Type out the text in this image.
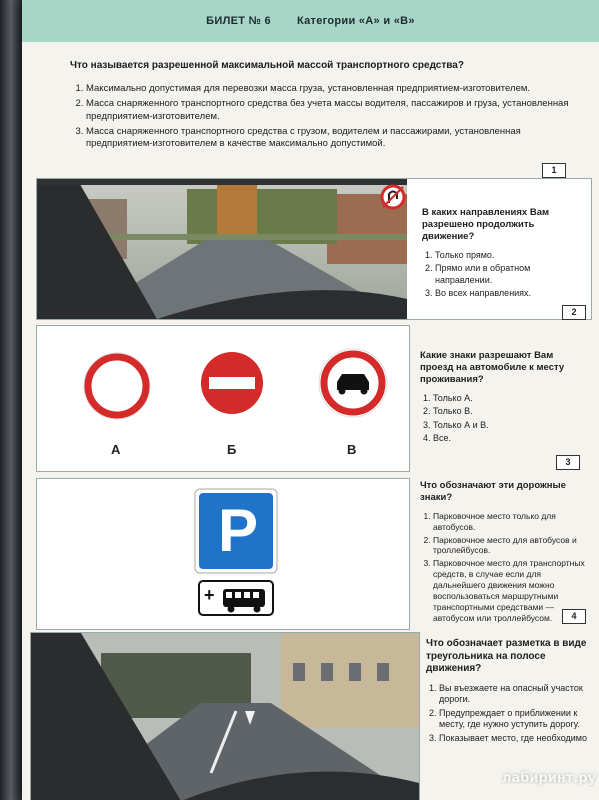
БИЛЕТ № 6 Категории «А» и «В»
Что называется разрешенной максимальной массой транспортного средства?
1. Максимально допустимая для перевозки масса груза, установленная предприятием-изготовителем.
2. Масса снаряженного транспортного средства без учета массы водителя, пассажиров и груза, установленная предприятием-изготовителем.
3. Масса снаряженного транспортного средства с грузом, водителем и пассажирами, установленная предприятием-изготовителем в качестве максимально допустимой.
1
В каких направлениях Вам разрешено продолжить движение?
1. Только прямо.
2. Прямо или в обратном направлении.
3. Во всех направлениях.
2
А	Б	В
Какие знаки разрешают Вам проезд на автомобиле к месту проживания?
1. Только А.
2. Только В.
3. Только А и В.
4. Все.
3
P
+
Что обозначают эти дорожные знаки?
1. Парковочное место только для автобусов.
2. Парковочное место для автобусов и троллейбусов.
3. Парковочное место для транспортных средств, в случае если для дальнейшего движения можно воспользоваться маршрутными транспортными средствами — автобусом или троллейбусом.	4
Что обозначает разметка в виде треугольника на полосе движения?
1. Вы въезжаете на опасный участок дороги.
2. Предупреждает о приближении к месту, где нужно уступить дорогу.
3. Показывает место, где необходимо
лабиринт.ру
